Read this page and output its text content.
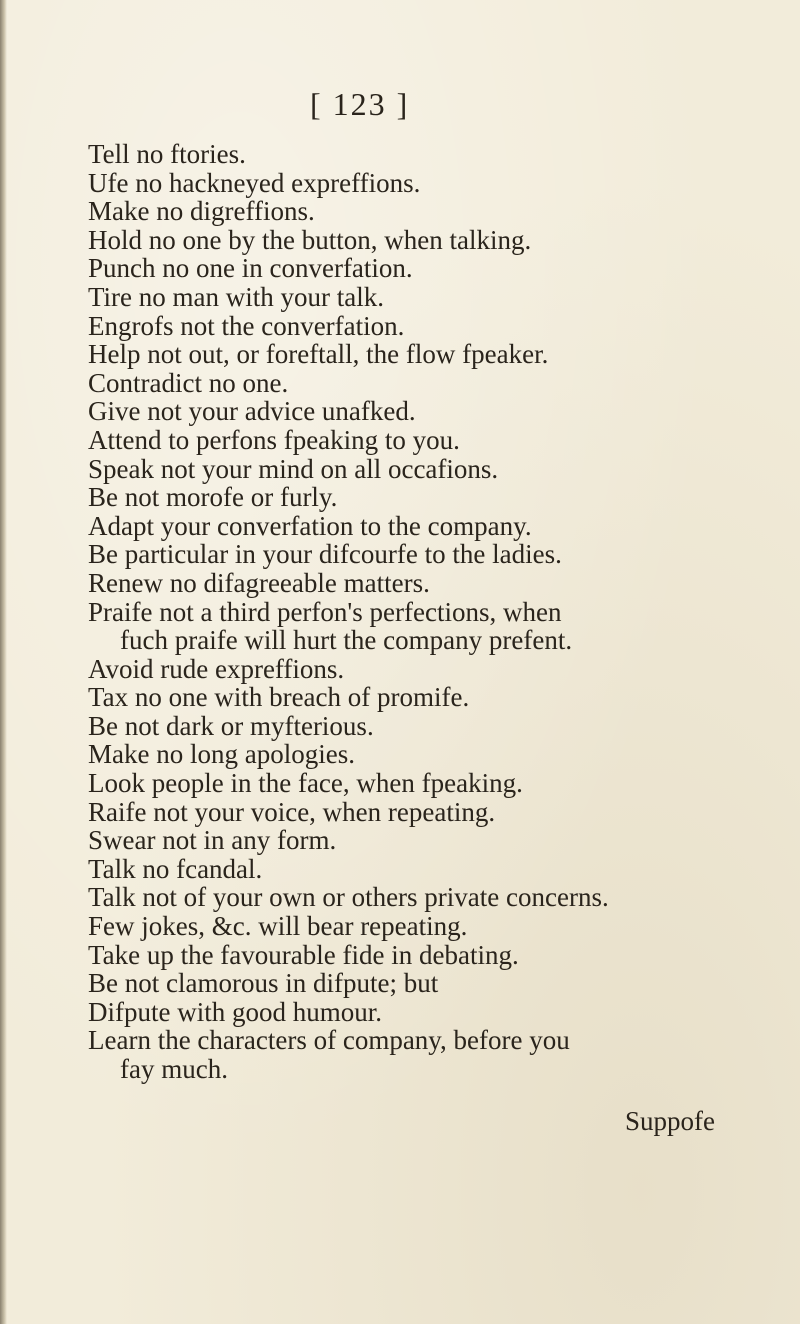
[ 123 ]
Tell no ftories.
Ufe no hackneyed expreffions.
Make no digreffions.
Hold no one by the button, when talking.
Punch no one in converfation.
Tire no man with your talk.
Engrofs not the converfation.
Help not out, or foreftall, the flow fpeaker.
Contradict no one.
Give not your advice unafked.
Attend to perfons fpeaking to you.
Speak not your mind on all occafions.
Be not morofe or furly.
Adapt your converfation to the company.
Be particular in your difcourfe to the ladies.
Renew no difagreeable matters.
Praife not a third perfon's perfections, when
fuch praife will hurt the company prefent.
Avoid rude expreffions.
Tax no one with breach of promife.
Be not dark or myfterious.
Make no long apologies.
Look people in the face, when fpeaking.
Raife not your voice, when repeating.
Swear not in any form.
Talk no fcandal.
Talk not of your own or others private concerns.
Few jokes, &c. will bear repeating.
Take up the favourable fide in debating.
Be not clamorous in difpute; but
Difpute with good humour.
Learn the characters of company, before you
fay much.
Suppofe
